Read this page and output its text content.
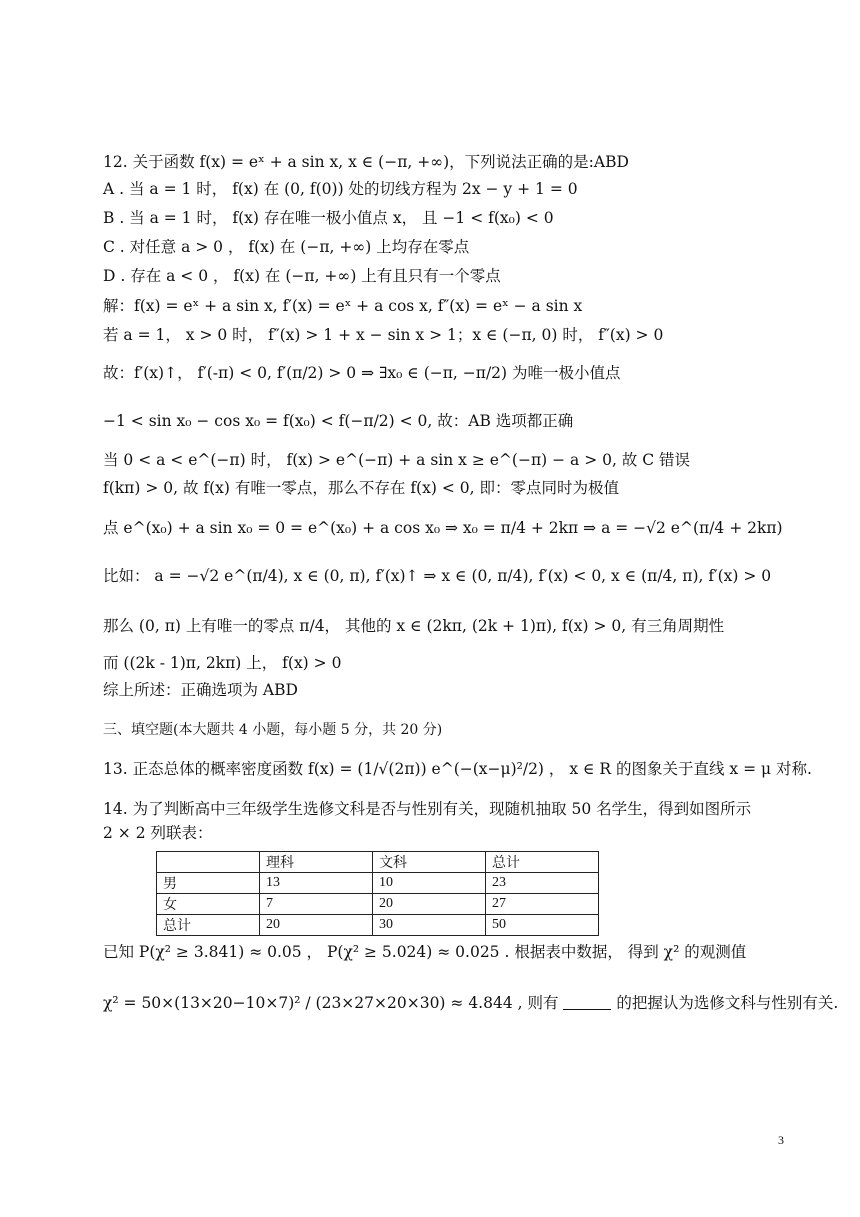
12. 关于函数 f(x) = eˣ + a sin x, x ∈ (−π, +∞)，下列说法正确的是:ABD
A . 当 a = 1 时， f(x) 在 (0, f(0)) 处的切线方程为 2x − y + 1 = 0
B . 当 a = 1 时， f(x) 存在唯一极小值点 x， 且 −1 < f(x₀) < 0
C . 对任意 a > 0 ， f(x) 在 (−π, +∞) 上均存在零点
D . 存在 a < 0 ， f(x) 在 (−π, +∞) 上有且只有一个零点
解：f(x) = eˣ + a sin x, f′(x) = eˣ + a cos x, f″(x) = eˣ − a sin x
若 a = 1， x > 0 时， f″(x) > 1 + x − sin x > 1；x ∈ (−π, 0) 时， f″(x) > 0
故：f′(x)↑， f′(-π) < 0, f′(π/2) > 0 ⇒ ∃x₀ ∈ (−π, −π/2) 为唯一极小值点
−1 < sin x₀ − cos x₀ = f(x₀) < f(−π/2) < 0, 故：AB 选项都正确
当 0 < a < e^(−π) 时， f(x) > e^(−π) + a sin x ≥ e^(−π) − a > 0, 故 C 错误
f(kπ) > 0, 故 f(x) 有唯一零点，那么不存在 f(x) < 0, 即：零点同时为极值
点 e^(x₀) + a sin x₀ = 0 = e^(x₀) + a cos x₀ ⇒ x₀ = π/4 + 2kπ ⇒ a = −√2 e^(π/4 + 2kπ)
比如： a = −√2 e^(π/4), x ∈ (0, π), f′(x)↑ ⇒ x ∈ (0, π/4), f′(x) < 0, x ∈ (π/4, π), f′(x) > 0
那么 (0, π) 上有唯一的零点 π/4， 其他的 x ∈ (2kπ, (2k + 1)π), f(x) > 0, 有三角周期性
而 ((2k - 1)π, 2kπ) 上， f(x) > 0
综上所述：正确选项为 ABD
三、填空题(本大题共 4 小题，每小题 5 分，共 20 分)
13. 正态总体的概率密度函数 f(x) = (1/√(2π)) e^(−(x−μ)²/2) ， x ∈ R 的图象关于直线 x = μ 对称.
14. 为了判断高中三年级学生选修文科是否与性别有关，现随机抽取 50 名学生，得到如图所示
2 × 2 列联表：
	理科	文科	总计
男	13	10	23
女	7	20	27
总计	20	30	50
已知 P(χ² ≥ 3.841) ≈ 0.05 ， P(χ² ≥ 5.024) ≈ 0.025 . 根据表中数据， 得到 χ² 的观测值
χ² = 50×(13×20−10×7)² / (23×27×20×30) ≈ 4.844 , 则有	的把握认为选修文科与性别有关.
3
